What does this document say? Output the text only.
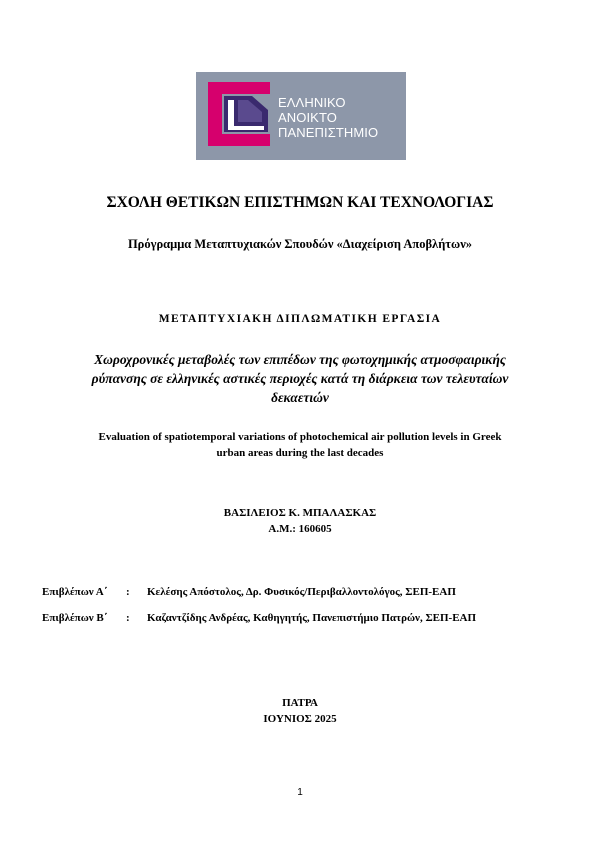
ΕΛΛΗΝΙΚΟ
ΑΝΟΙΚΤΟ
ΠΑΝΕΠΙΣΤΗΜΙΟ
ΣΧΟΛΗ ΘΕΤΙΚΩΝ ΕΠΙΣΤΗΜΩΝ ΚΑΙ ΤΕΧΝΟΛΟΓΙΑΣ
Πρόγραμμα Μεταπτυχιακών Σπουδών «Διαχείριση Αποβλήτων»
ΜΕΤΑΠΤΥΧΙΑΚΗ ΔΙΠΛΩΜΑΤΙΚΗ ΕΡΓΑΣΙΑ
Χωροχρονικές μεταβολές των επιπέδων της φωτοχημικής ατμοσφαιρικής
ρύπανσης σε ελληνικές αστικές περιοχές κατά τη διάρκεια των τελευταίων
δεκαετιών
Evaluation of spatiotemporal variations of photochemical air pollution levels in Greek
urban areas during the last decades
ΒΑΣΙΛΕΙΟΣ Κ. ΜΠΑΛΑΣΚΑΣ
Α.Μ.: 160605
Επιβλέπων Α΄ : Κελέσης Απόστολος, Δρ. Φυσικός/Περιβαλλοντολόγος, ΣΕΠ-ΕΑΠ
Επιβλέπων Β΄ : Καζαντζίδης Ανδρέας, Καθηγητής, Πανεπιστήμιο Πατρών, ΣΕΠ-ΕΑΠ
ΠΑΤΡΑ
ΙΟΥΝΙΟΣ 2025
1
